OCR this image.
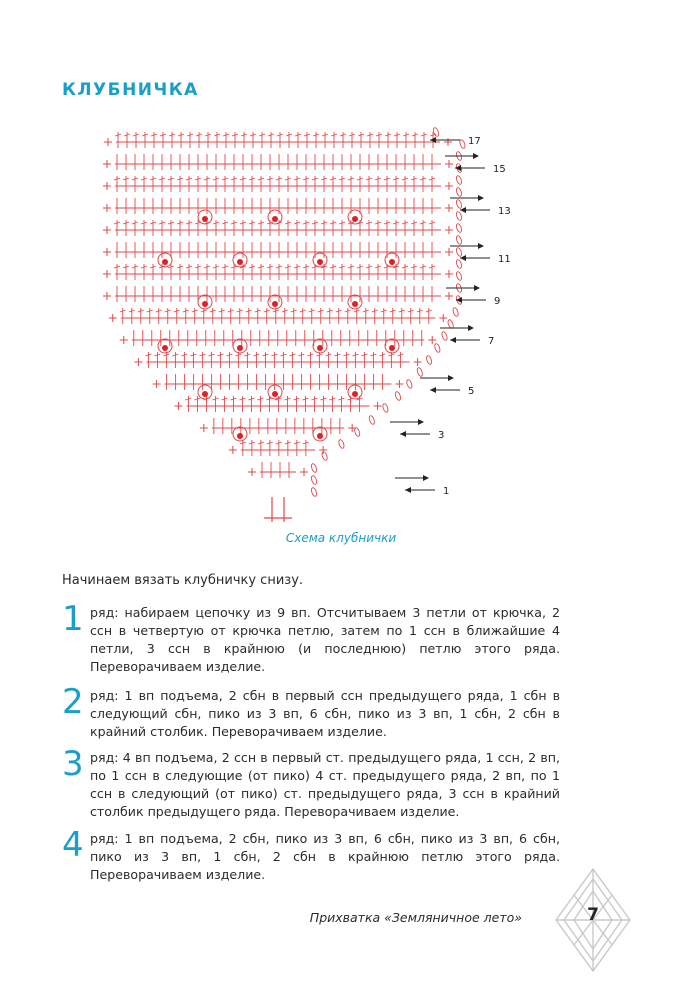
КЛУБНИЧКА
1
3
5
7
9
11
13
15
17
Схема клубнички
Начинаем вязать клубничку снизу.
1 ряд: набираем цепочку из 9 вп. Отсчитываем 3 петли от крючка, 2 ссн в четвертую от крючка петлю, затем по 1 ссн в ближайшие 4 петли, 3 ссн в крайнюю (и последнюю) петлю этого ряда. Переворачиваем изделие.
2 ряд: 1 вп подъема, 2 сбн в первый ссн предыдущего ряда, 1 сбн в следующий сбн, пико из 3 вп, 6 сбн, пико из 3 вп, 1 сбн, 2 сбн в крайний столбик. Переворачиваем изделие.
3 ряд: 4 вп подъема, 2 ссн в первый ст. предыдущего ряда, 1 ссн, 2 вп, по 1 ссн в следующие (от пико) 4 ст. предыдущего ряда, 2 вп, по 1 ссн в следующий (от пико) ст. предыдущего ряда, 3 ссн в крайний столбик предыдущего ряда. Переворачиваем изделие.
4 ряд: 1 вп подъема, 2 сбн, пико из 3 вп, 6 сбн, пико из 3 вп, 6 сбн, пико из 3 вп, 1 сбн, 2 сбн в крайнюю петлю этого ряда. Переворачиваем изделие.
Прихватка «Земляничное лето»	7
